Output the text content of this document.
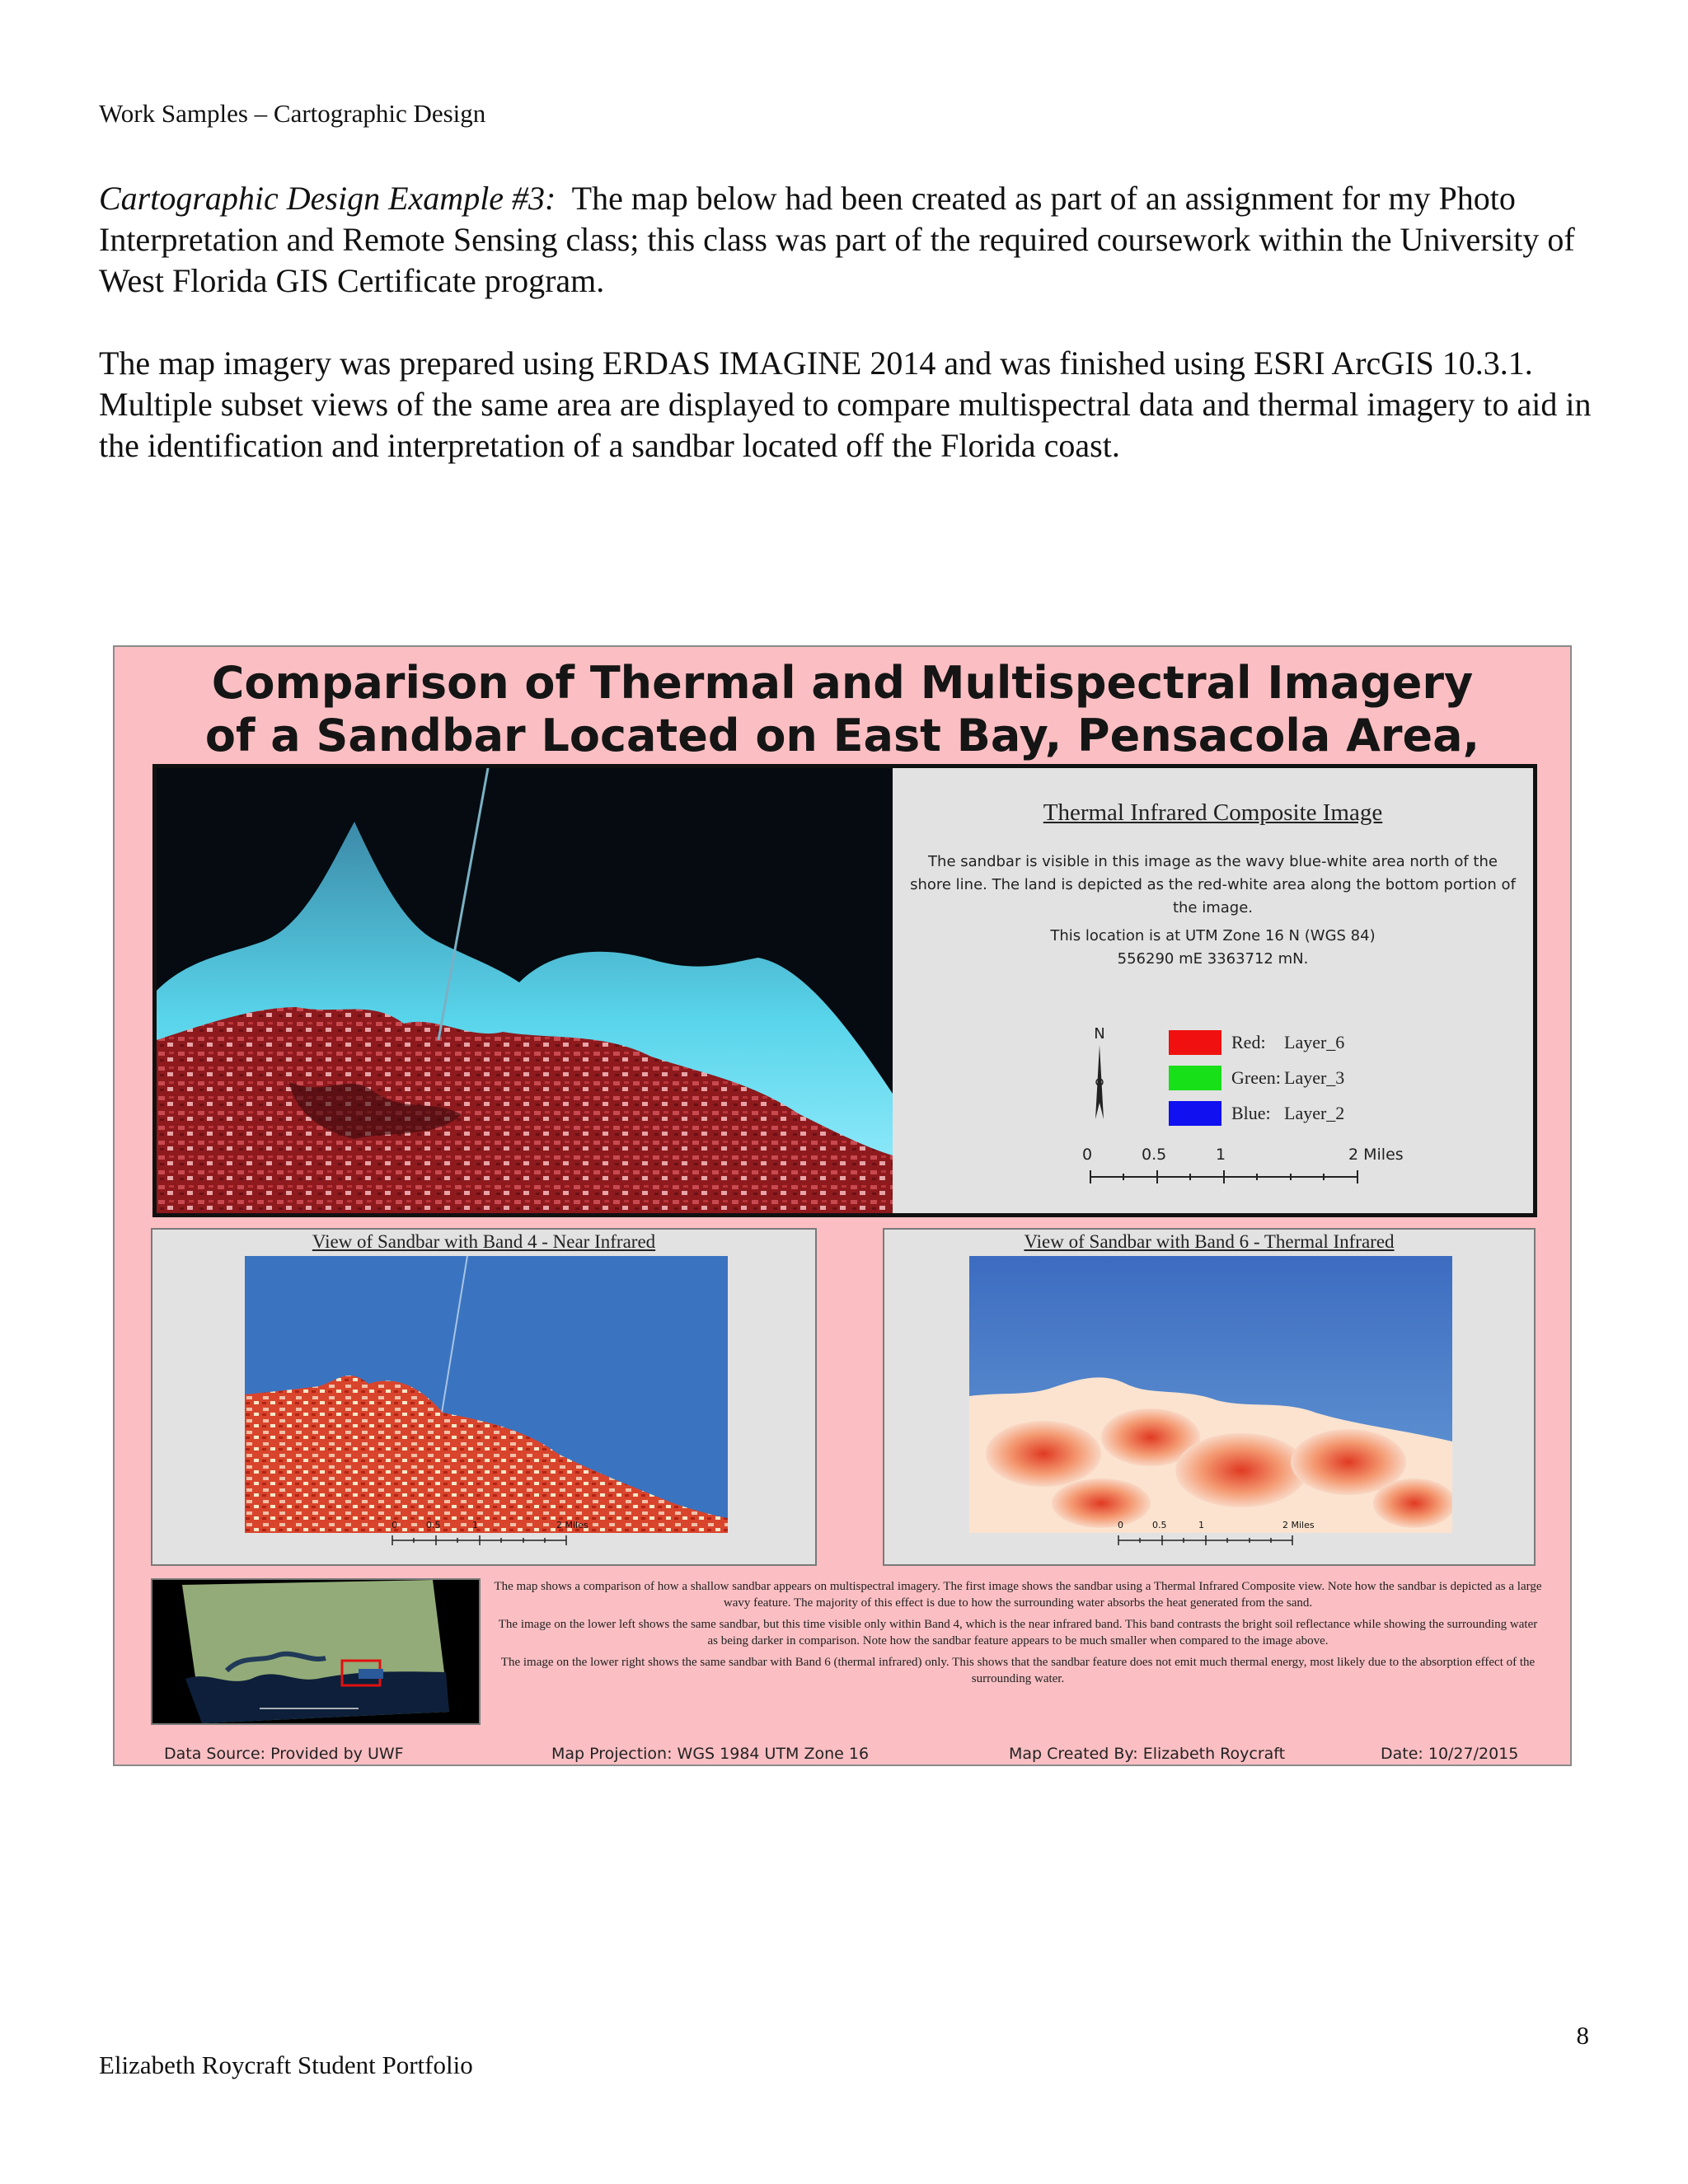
Work Samples – Cartographic Design
Cartographic Design Example #3: The map below had been created as part of an assignment for my Photo Interpretation and Remote Sensing class; this class was part of the required coursework within the University of West Florida GIS Certificate program.
The map imagery was prepared using ERDAS IMAGINE 2014 and was finished using ESRI ArcGIS 10.3.1. Multiple subset views of the same area are displayed to compare multispectral data and thermal imagery to aid in the identification and interpretation of a sandbar located off the Florida coast.
Comparison of Thermal and Multispectral Imagery
of a Sandbar Located on East Bay, Pensacola Area,
Thermal Infrared Composite Image
The sandbar is visible in this image as the wavy blue-white area north of the shore line. The land is depicted as the red-white area along the bottom portion of the image.
This location is at UTM Zone 16 N (WGS 84)
556290 mE 3363712 mN.
N	Red:	Layer_6
Green: Layer_3
Blue: Layer_2
0	0.5	1	2 Miles
View of Sandbar with Band 4 - Near Infrared
0	0.5	1	2 Miles
View of Sandbar with Band 6 - Thermal Infrared
0	0.5	1	2 Miles

The map shows a comparison of how a shallow sandbar appears on multispectral imagery. The first image shows the sandbar using a Thermal Infrared Composite view. Note how the sandbar is depicted as a large wavy feature. The majority of this effect is due to how the surrounding water absorbs the heat generated from the sand.

The image on the lower left shows the same sandbar, but this time visible only within Band 4, which is the near infrared band. This band contrasts the bright soil reflectance while showing the surrounding water as being darker in comparison. Note how the sandbar feature appears to be much smaller when compared to the image above.

The image on the lower right shows the same sandbar with Band 6 (thermal infrared) only. This shows that the sandbar feature does not emit much thermal energy, most likely due to the absorption effect of the surrounding water.

Data Source: Provided by UWF	Map Projection: WGS 1984 UTM Zone 16	Map Created By: Elizabeth Roycraft	Date: 10/27/2015
8
Elizabeth Roycraft Student Portfolio
